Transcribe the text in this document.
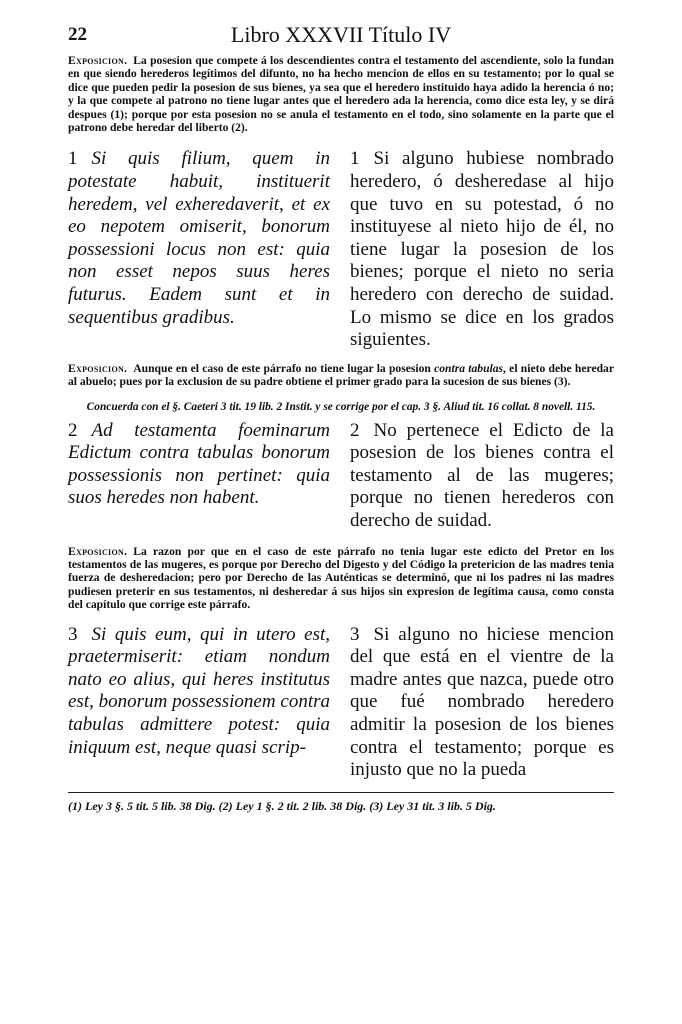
22	Libro XXXVII Título IV

Exposicion. La posesion que compete á los descendientes contra el testamento del ascendiente, solo la fundan en que siendo herederos legítimos del difunto, no ha hecho mencion de ellos en su testamento; por lo qual se dice que pueden pedir la posesion de sus bienes, ya sea que el heredero instituido haya adido la herencia ó no; y la que compete al patrono no tiene lugar antes que el heredero ada la herencia, como dice esta ley, y se dirá despues (1); porque por esta posesion no se anula el testamento en el todo, sino solamente en la parte que el patrono debe heredar del liberto (2).

1 Si quis filium, quem in potestate habuit, instituerit heredem, vel exheredaverit, et ex eo nepotem omiserit, bonorum possessioni locus non est: quia non esset nepos suus heres futurus. Eadem sunt et in sequentibus gradibus.
1 Si alguno hubiese nombrado heredero, ó desheredase al hijo que tuvo en su potestad, ó no instituyese al nieto hijo de él, no tiene lugar la posesion de los bienes; porque el nieto no seria heredero con derecho de suidad. Lo mismo se dice en los grados siguientes.

Exposicion. Aunque en el caso de este párrafo no tiene lugar la posesion contra tabulas, el nieto debe heredar al abuelo; pues por la exclusion de su padre obtiene el primer grado para la sucesion de sus bienes (3).

Concuerda con el §. Caeteri 3 tit. 19 lib. 2 Instit. y se corrige por el cap. 3 §. Aliud tit. 16 collat. 8 novell. 115.

2 Ad testamenta foeminarum Edictum contra tabulas bonorum possessionis non pertinet: quia suos heredes non habent.
2 No pertenece el Edicto de la posesion de los bienes contra el testamento al de las mugeres; porque no tienen herederos con derecho de suidad.

Exposicion. La razon por que en el caso de este párrafo no tenia lugar este edicto del Pretor en los testamentos de las mugeres, es porque por Derecho del Digesto y del Código la pretericion de las madres tenia fuerza de desheredacion; pero por Derecho de las Auténticas se determinó, que ni los padres ni las madres pudiesen preterir en sus testamentos, ni desheredar á sus hijos sin expresion de legítima causa, como consta del capítulo que corrige este párrafo.

3 Si quis eum, qui in utero est, praetermiserit: etiam nondum nato eo alius, qui heres institutus est, bonorum possessionem contra tabulas admittere potest: quia iniquum est, neque quasi scrip-
3 Si alguno no hiciese mencion del que está en el vientre de la madre antes que nazca, puede otro que fué nombrado heredero admitir la posesion de los bienes contra el testamento; porque es injusto que no la pueda

(1) Ley 3 §. 5 tit. 5 lib. 38 Dig. (2) Ley 1 §. 2 tit. 2 lib. 38 Dig. (3) Ley 31 tit. 3 lib. 5 Dig.
